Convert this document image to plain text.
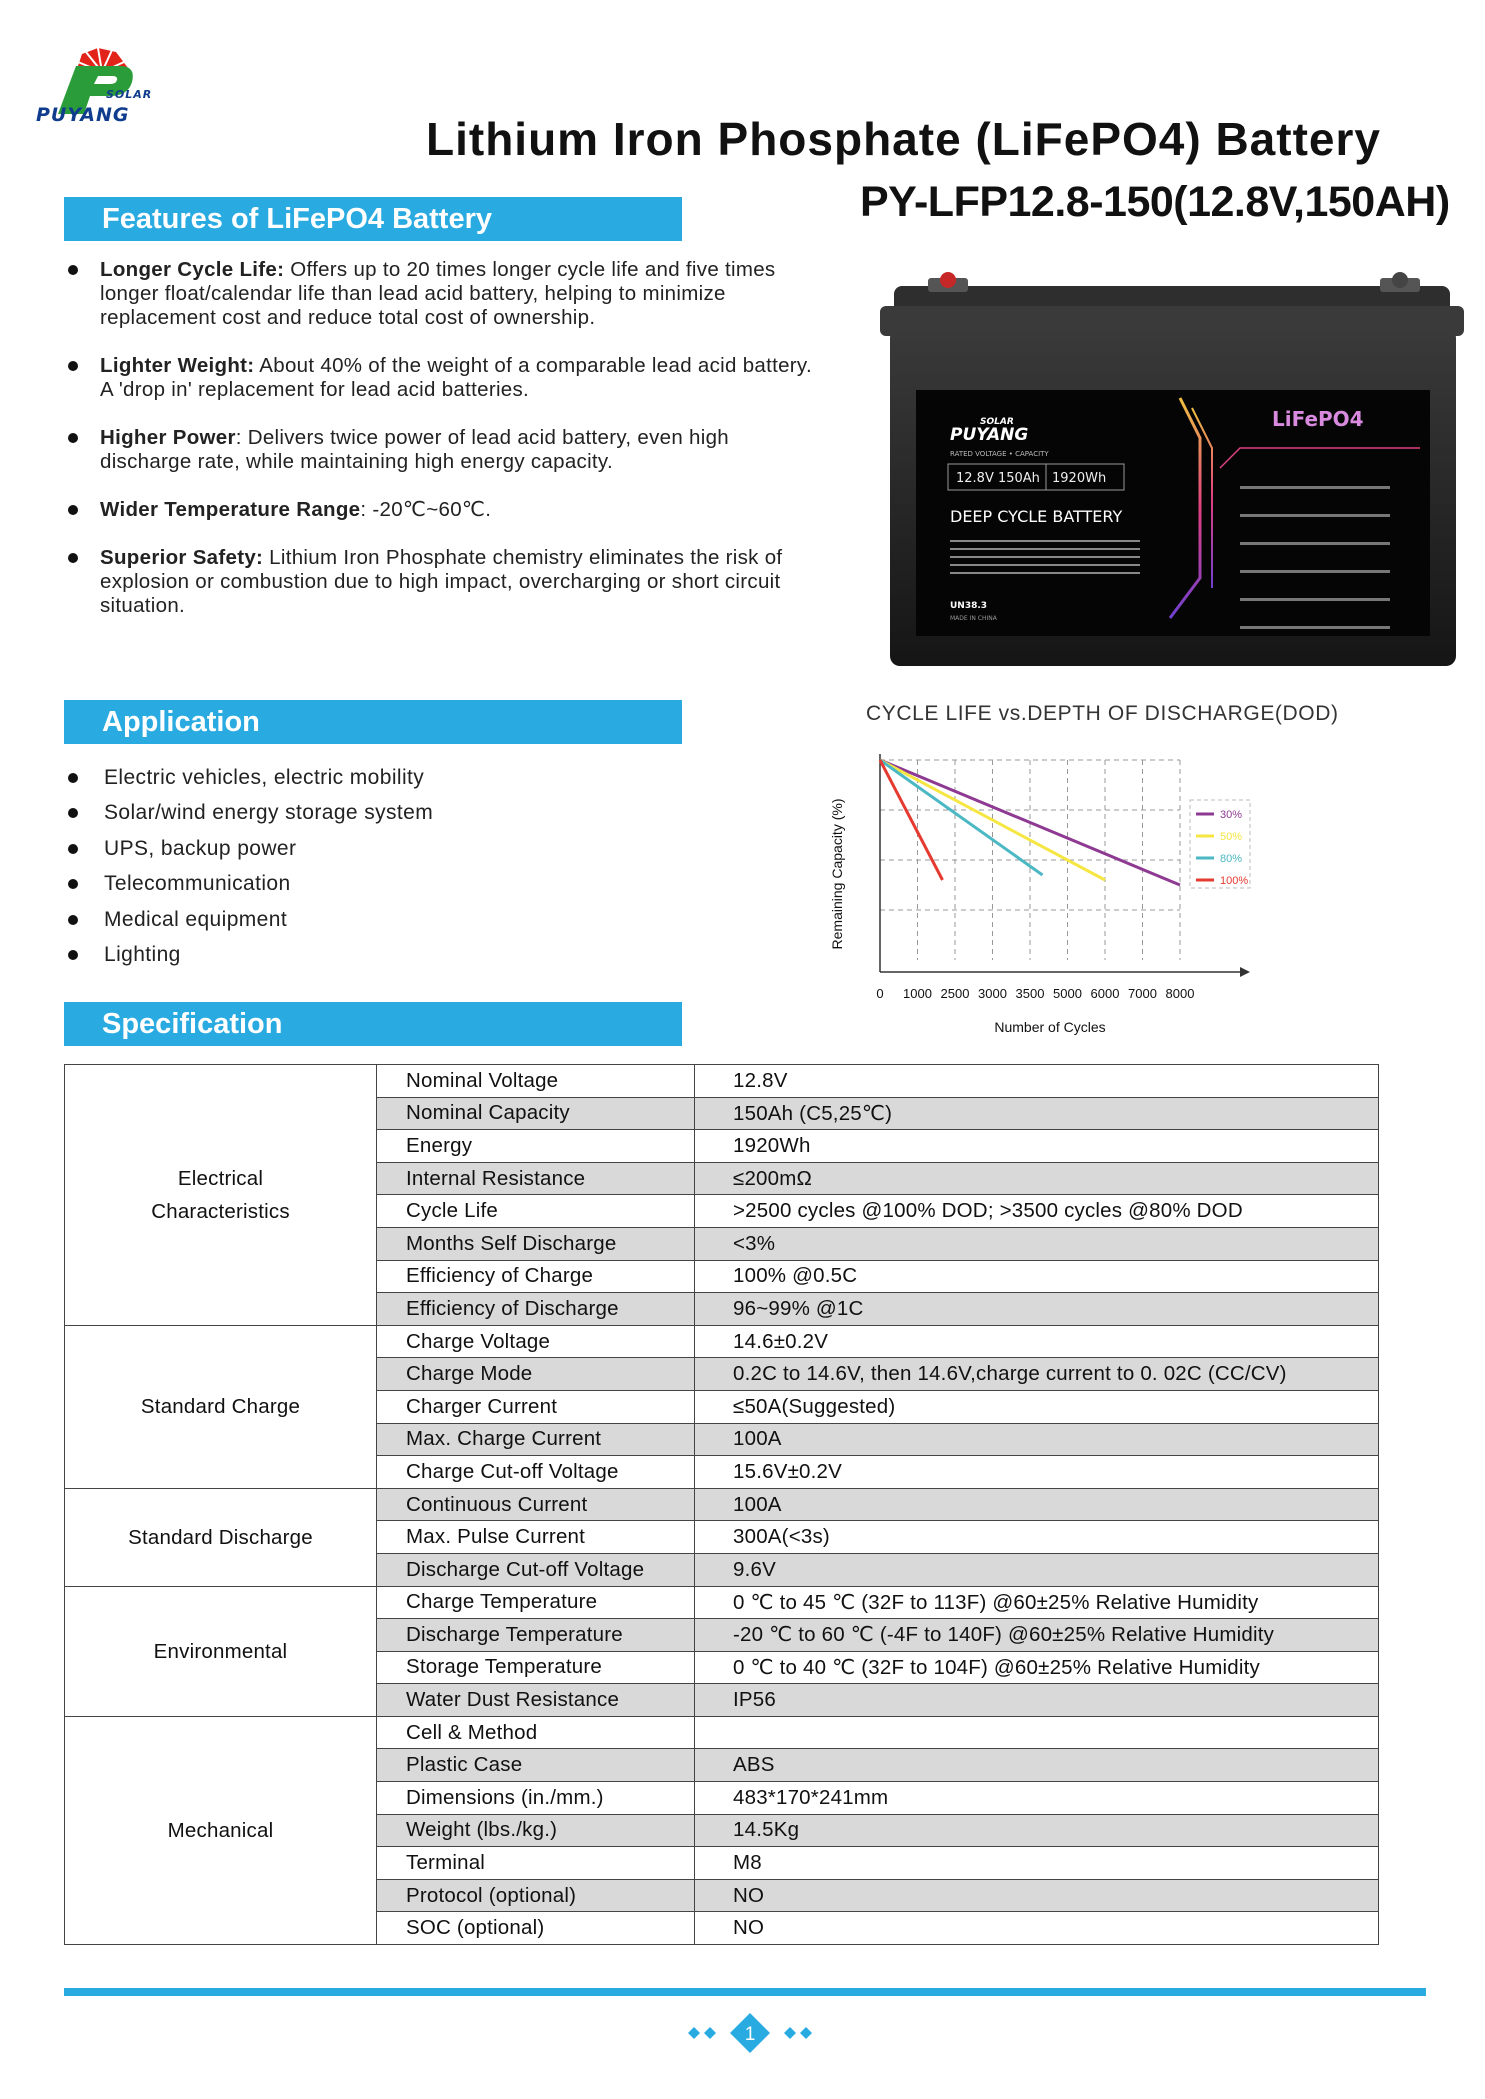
SOLAR
PUYANG	Lithium Iron Phosphate (LiFePO4) Battery
PY-LFP12.8-150(12.8V,150AH)
Features of LiFePO4 Battery
Longer Cycle Life: Offers up to 20 times longer cycle life and five times longer float/calendar life than lead acid battery, helping to minimize replacement cost and reduce total cost of ownership.
Lighter Weight: About 40% of the weight of a comparable lead acid battery. A 'drop in' replacement for lead acid batteries.
Higher Power: Delivers twice power of lead acid battery, even high discharge rate, while maintaining high energy capacity.
Wider Temperature Range: -20℃~60℃.
Superior Safety: Lithium Iron Phosphate chemistry eliminates the risk of explosion or combustion due to high impact, overcharging or short circuit situation.
PUYANG
SOLAR
RATED VOLTAGE • CAPACITY
12.8V 150Ah 1920Wh
DEEP CYCLE BATTERY
UN38.3
MADE IN CHINA
LiFePO4
Application
Electric vehicles, electric mobility
Solar/wind energy storage system
UPS, backup power
Telecommunication
Medical equipment
Lighting
CYCLE LIFE vs.DEPTH OF DISCHARGE(DOD)
0 1000 2500 3000 3500 5000 6000 7000 8000
Number of Cycles
Remaining Capacity (%)	30%
50%
80%
100%
Specification
Electrical Characteristics	Nominal Voltage	12.8V
	Nominal Capacity	150Ah (C5,25℃)
	Energy	1920Wh
	Internal Resistance	≤200mΩ
	Cycle Life	>2500 cycles @100% DOD; >3500 cycles @80% DOD
	Months Self Discharge	<3%
	Efficiency of Charge	100% @0.5C
	Efficiency of Discharge	96~99% @1C
Standard Charge	Charge Voltage	14.6±0.2V
	Charge Mode	0.2C to 14.6V, then 14.6V,charge current to 0. 02C (CC/CV)
	Charger Current	≤50A(Suggested)
	Max. Charge Current	100A
	Charge Cut-off Voltage	15.6V±0.2V
Standard Discharge	Continuous Current	100A
	Max. Pulse Current	300A(<3s)
	Discharge Cut-off Voltage	9.6V
Environmental	Charge Temperature	0 ℃ to 45 ℃ (32F to 113F) @60±25% Relative Humidity
	Discharge Temperature	-20 ℃ to 60 ℃ (-4F to 140F) @60±25% Relative Humidity
	Storage Temperature	0 ℃ to 40 ℃ (32F to 104F) @60±25% Relative Humidity
	Water Dust Resistance	IP56
Mechanical	Cell & Method	
	Plastic Case	ABS
	Dimensions (in./mm.)	483*170*241mm
	Weight (lbs./kg.)	14.5Kg
	Terminal	M8
	Protocol (optional)	NO
	SOC (optional)	NO
1
